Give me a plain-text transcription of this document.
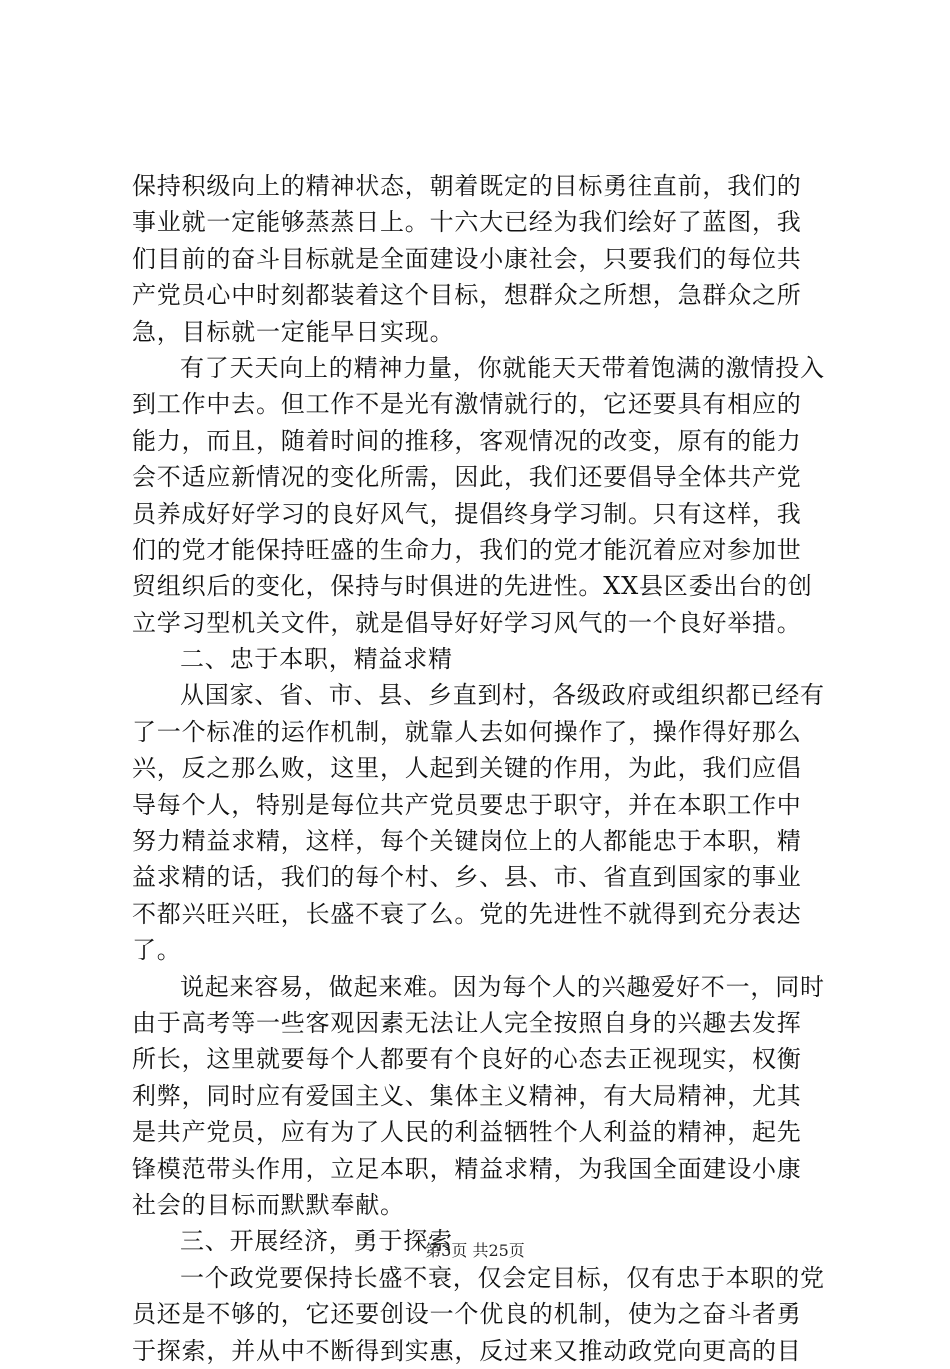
保持积级向上的精神状态，朝着既定的目标勇往直前，我们的
事业就一定能够蒸蒸日上。十六大已经为我们绘好了蓝图，我
们目前的奋斗目标就是全面建设小康社会，只要我们的每位共
产党员心中时刻都装着这个目标，想群众之所想，急群众之所
急，目标就一定能早日实现。
有了天天向上的精神力量，你就能天天带着饱满的激情投入
到工作中去。但工作不是光有激情就行的，它还要具有相应的
能力，而且，随着时间的推移，客观情况的改变，原有的能力
会不适应新情况的变化所需，因此，我们还要倡导全体共产党
员养成好好学习的良好风气，提倡终身学习制。只有这样，我
们的党才能保持旺盛的生命力，我们的党才能沉着应对参加世
贸组织后的变化，保持与时俱进的先进性。XX县区委出台的创
立学习型机关文件，就是倡导好好学习风气的一个良好举措。
二、忠于本职，精益求精
从国家、省、市、县、乡直到村，各级政府或组织都已经有
了一个标准的运作机制，就靠人去如何操作了，操作得好那么
兴，反之那么败，这里，人起到关键的作用，为此，我们应倡
导每个人，特别是每位共产党员要忠于职守，并在本职工作中
努力精益求精，这样，每个关键岗位上的人都能忠于本职，精
益求精的话，我们的每个村、乡、县、市、省直到国家的事业
不都兴旺兴旺，长盛不衰了么。党的先进性不就得到充分表达
了。
说起来容易，做起来难。因为每个人的兴趣爱好不一，同时
由于高考等一些客观因素无法让人完全按照自身的兴趣去发挥
所长，这里就要每个人都要有个良好的心态去正视现实，权衡
利弊，同时应有爱国主义、集体主义精神，有大局精神，尤其
是共产党员，应有为了人民的利益牺牲个人利益的精神，起先
锋模范带头作用，立足本职，精益求精，为我国全面建设小康
社会的目标而默默奉献。
三、开展经济，勇于探索
一个政党要保持长盛不衰，仅会定目标，仅有忠于本职的党
员还是不够的，它还要创设一个优良的机制，使为之奋斗者勇
于探索，并从中不断得到实惠，反过来又推动政党向更高的目
第3页 共25页
